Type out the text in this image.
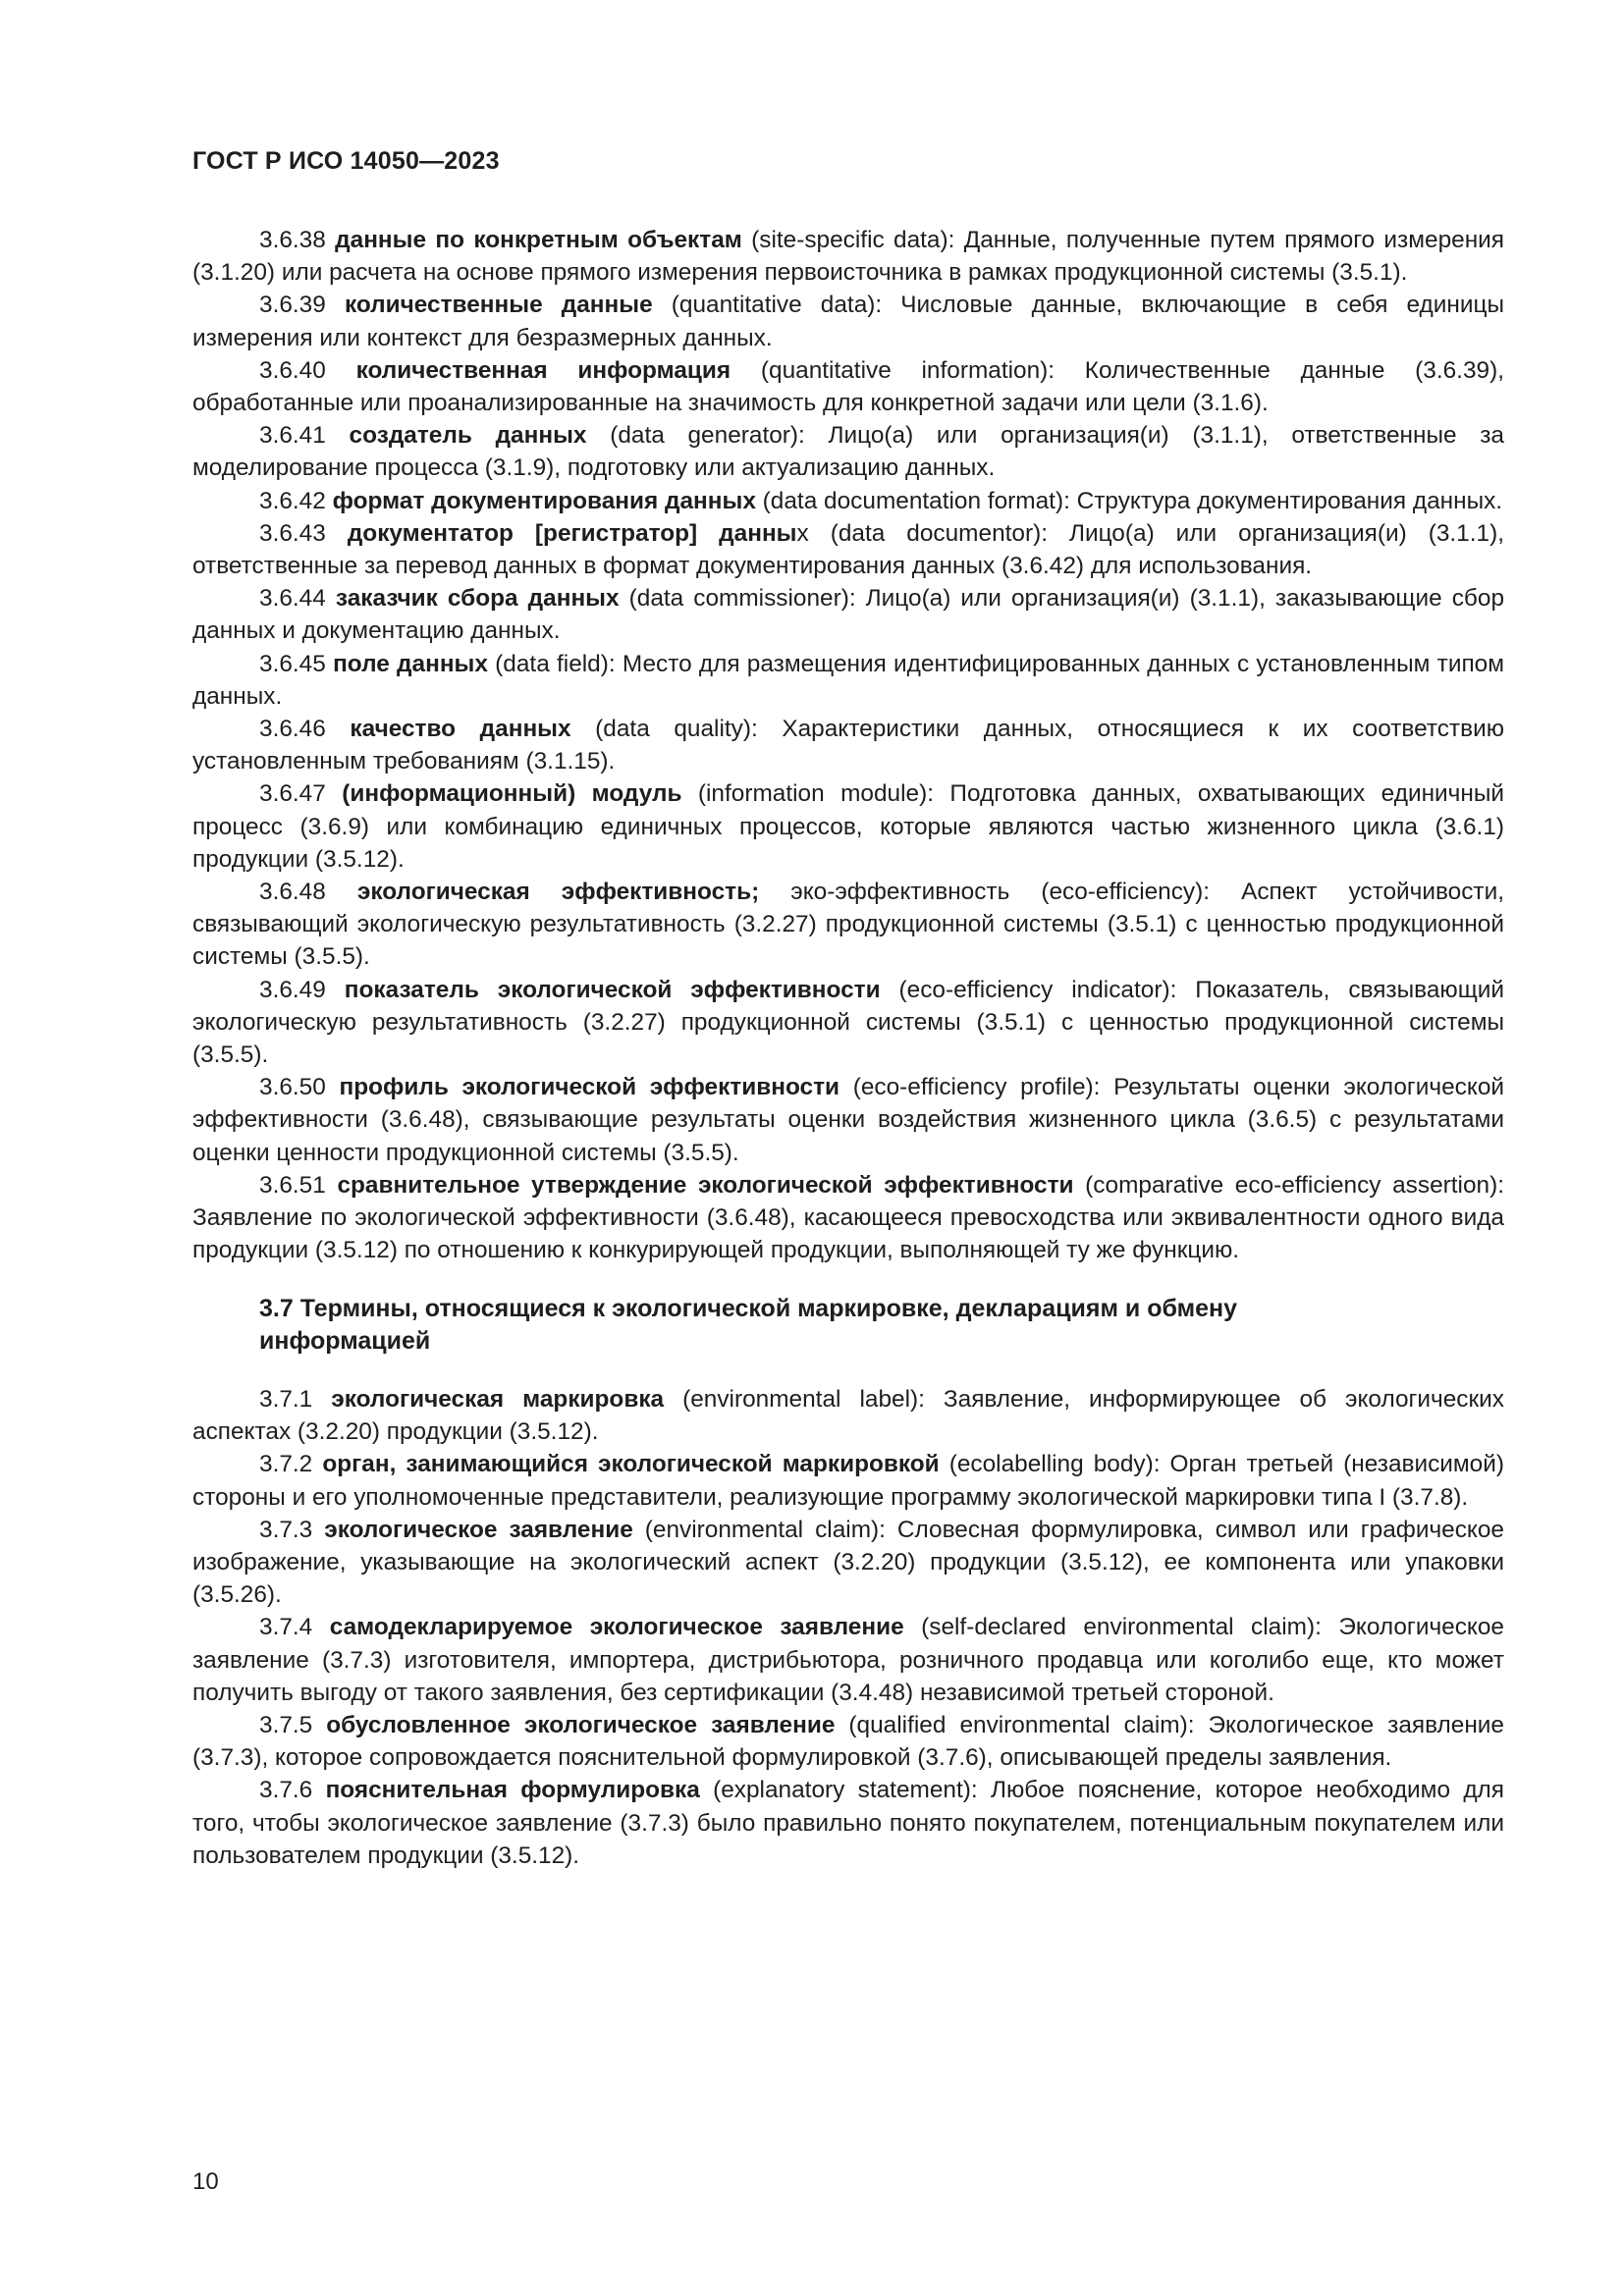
ГОСТ Р ИСО 14050—2023

3.6.38 данные по конкретным объектам (site-specific data): Данные, полученные путем прямого измерения (3.1.20) или расчета на основе прямого измерения первоисточника в рамках продукционной системы (3.5.1).

3.6.39 количественные данные (quantitative data): Числовые данные, включающие в себя единицы измерения или контекст для безразмерных данных.

3.6.40 количественная информация (quantitative information): Количественные данные (3.6.39), обработанные или проанализированные на значимость для конкретной задачи или цели (3.1.6).

3.6.41 создатель данных (data generator): Лицо(а) или организация(и) (3.1.1), ответственные за моделирование процесса (3.1.9), подготовку или актуализацию данных.

3.6.42 формат документирования данных (data documentation format): Структура документирования данных.

3.6.43 документатор [регистратор] данных (data documentor): Лицо(а) или организация(и) (3.1.1), ответственные за перевод данных в формат документирования данных (3.6.42) для использования.

3.6.44 заказчик сбора данных (data commissioner): Лицо(а) или организация(и) (3.1.1), заказывающие сбор данных и документацию данных.

3.6.45 поле данных (data field): Место для размещения идентифицированных данных с установленным типом данных.

3.6.46 качество данных (data quality): Характеристики данных, относящиеся к их соответствию установленным требованиям (3.1.15).

3.6.47 (информационный) модуль (information module): Подготовка данных, охватывающих единичный процесс (3.6.9) или комбинацию единичных процессов, которые являются частью жизненного цикла (3.6.1) продукции (3.5.12).

3.6.48 экологическая эффективность; эко-эффективность (eco-efficiency): Аспект устойчивости, связывающий экологическую результативность (3.2.27) продукционной системы (3.5.1) с ценностью продукционной системы (3.5.5).

3.6.49 показатель экологической эффективности (eco-efficiency indicator): Показатель, связывающий экологическую результативность (3.2.27) продукционной системы (3.5.1) с ценностью продукционной системы (3.5.5).

3.6.50 профиль экологической эффективности (eco-efficiency profile): Результаты оценки экологической эффективности (3.6.48), связывающие результаты оценки воздействия жизненного цикла (3.6.5) с результатами оценки ценности продукционной системы (3.5.5).

3.6.51 сравнительное утверждение экологической эффективности (comparative eco-efficiency assertion): Заявление по экологической эффективности (3.6.48), касающееся превосходства или эквивалентности одного вида продукции (3.5.12) по отношению к конкурирующей продукции, выполняющей ту же функцию.

3.7 Термины, относящиеся к экологической маркировке, декларациям и обмену информацией

3.7.1 экологическая маркировка (environmental label): Заявление, информирующее об экологических аспектах (3.2.20) продукции (3.5.12).

3.7.2 орган, занимающийся экологической маркировкой (ecolabelling body): Орган третьей (независимой) стороны и его уполномоченные представители, реализующие программу экологической маркировки типа I (3.7.8).

3.7.3 экологическое заявление (environmental claim): Словесная формулировка, символ или графическое изображение, указывающие на экологический аспект (3.2.20) продукции (3.5.12), ее компонента или упаковки (3.5.26).

3.7.4 самодекларируемое экологическое заявление (self-declared environmental claim): Экологическое заявление (3.7.3) изготовителя, импортера, дистрибьютора, розничного продавца или коголибо еще, кто может получить выгоду от такого заявления, без сертификации (3.4.48) независимой третьей стороной.

3.7.5 обусловленное экологическое заявление (qualified environmental claim): Экологическое заявление (3.7.3), которое сопровождается пояснительной формулировкой (3.7.6), описывающей пределы заявления.

3.7.6 пояснительная формулировка (explanatory statement): Любое пояснение, которое необходимо для того, чтобы экологическое заявление (3.7.3) было правильно понято покупателем, потенциальным покупателем или пользователем продукции (3.5.12).

10
